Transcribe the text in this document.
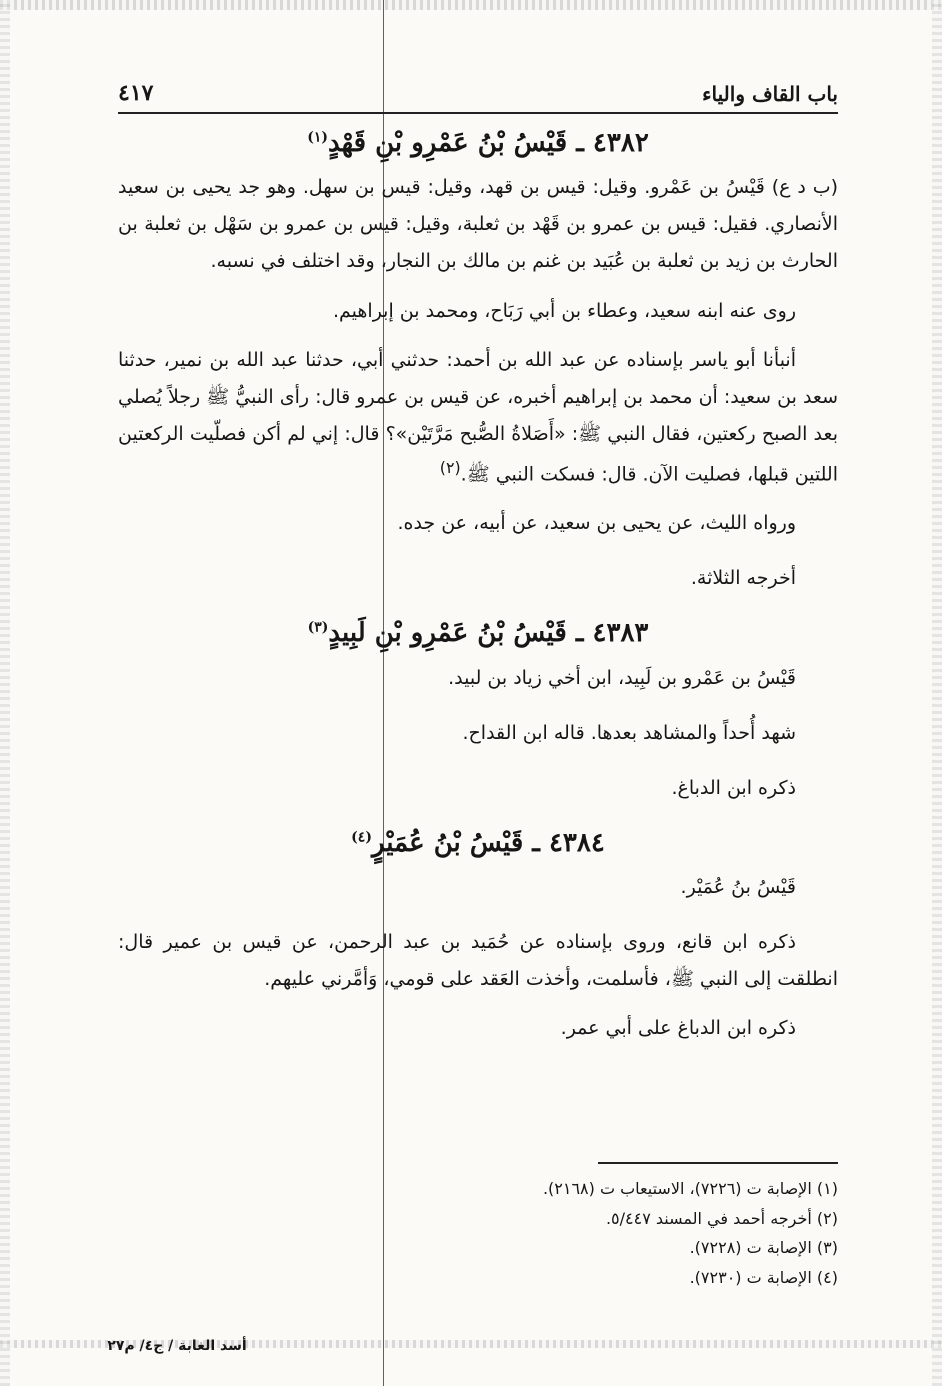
٤١٧	باب القاف والياء
٤٣٨٢ ـ قَيْسُ بْنُ عَمْرِو بْنِ قَهْدٍ$^{(١)}$

(ب د ع) قَيْسُ بن عَمْرو. وقيل: قيس بن قهد، وقيل: قيس بن سهل. وهو جد يحيى بن سعيد الأنصاري. فقيل: قيس بن عمرو بن قَهْد بن ثعلبة، وقيل: قيس بن عمرو بن سَهْل بن ثعلبة بن الحارث بن زيد بن ثعلبة بن عُبَيد بن غنم بن مالك بن النجار، وقد اختلف في نسبه.

روى عنه ابنه سعيد، وعطاء بن أبي رَبَاح، ومحمد بن إبراهيم.

أنبأنا أبو ياسر بإسناده عن عبد الله بن أحمد: حدثني أبي، حدثنا عبد الله بن نمير، حدثنا سعد بن سعيد: أن محمد بن إبراهيم أخبره، عن قيس بن عمرو قال: رأى النبيُّ ﷺ رجلاً يُصلي بعد الصبح ركعتين، فقال النبي ﷺ: «أَصَلاةُ الصُّبح مَرَّتَيْن»؟ قال: إني لم أكن فصلّيت الركعتين اللتين قبلها، فصليت الآن. قال: فسكت النبي ﷺ.$^{(٢)}$

ورواه الليث، عن يحيى بن سعيد، عن أبيه، عن جده.

أخرجه الثلاثة.

٤٣٨٣ ـ قَيْسُ بْنُ عَمْرِو بْنِ لَبِيدٍ$^{(٣)}$

قَيْسُ بن عَمْرو بن لَبِيد، ابن أخي زياد بن لبيد.

شهد أُحداً والمشاهد بعدها. قاله ابن القداح.

ذكره ابن الدباغ.

٤٣٨٤ ـ قَيْسُ بْنُ عُمَيْرٍ$^{(٤)}$

قَيْسُ بنُ عُمَيْر.

ذكره ابن قانع، وروى بإسناده عن حُمَيد بن عبد الرحمن، عن قيس بن عمير قال: انطلقت إلى النبي ﷺ، فأسلمت، وأخذت العَقد على قومي، وَأمَّرني عليهم.

ذكره ابن الدباغ على أبي عمر.

(١) الإصابة ت (٧٢٢٦)، الاستيعاب ت (٢١٦٨).
(٢) أخرجه أحمد في المسند ٥/٤٤٧.
(٣) الإصابة ت (٧٢٢٨).
(٤) الإصابة ت (٧٢٣٠).
أسد الغابة / ج٤/ م٢٧
